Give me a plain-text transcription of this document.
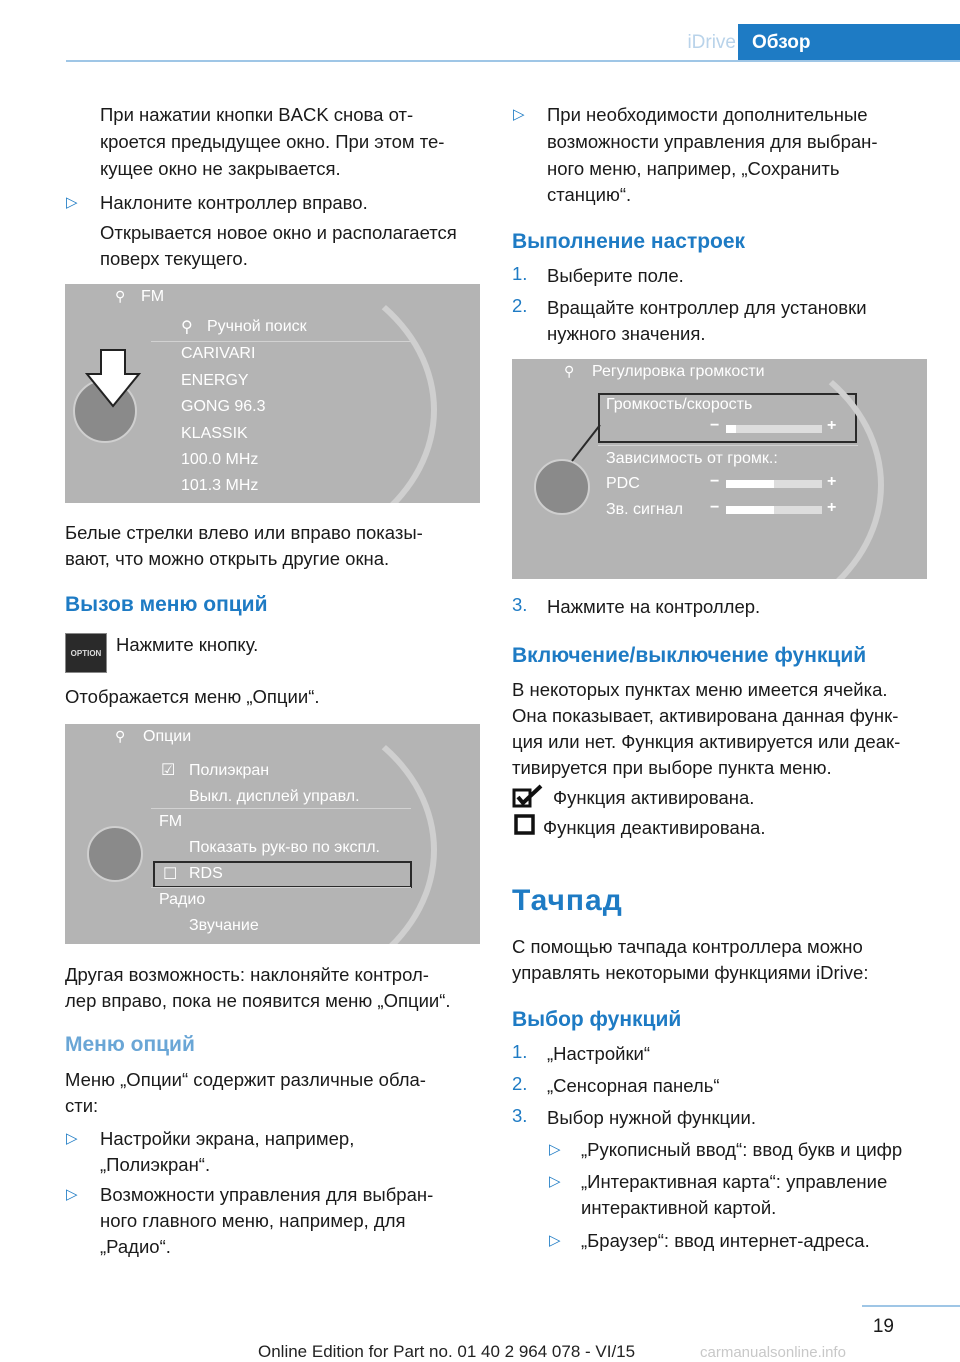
iDrive Обзор

При нажатии кнопки BACK снова от-

кроется предыдущее окно. При этом те-

кущее окно не закрывается.

▷ Наклоните контроллер вправо.

Открывается новое окно и располагается

поверх текущего.

⚲ FM
⚲ Ручной поиск
CARIVARI
ENERGY
GONG 96.3
KLASSIK
100.0 MHz
101.3 MHz

Белые стрелки влево или вправо показы-

вают, что можно открыть другие окна.

Вызов меню опций
OPTION Нажмите кнопку.

Отображается меню „Опции“.

⚲ Опции
☑ Полиэкран
Выкл. дисплей управл.
FM
Показать рук-во по экспл.
☐ RDS
Радио
Звучание

Другая возможность: наклоняйте контрол-

лер вправо, пока не появится меню „Опции“.

Меню опций

Меню „Опции“ содержит различные обла-

сти:

▷ Настройки экрана, например,

„Полиэкран“.

▷ Возможности управления для выбран-

ного главного меню, например, для

„Радио“.

▷ При необходимости дополнительные

возможности управления для выбран-

ного меню, например, „Сохранить

станцию“.

Выполнение настроек
1. Выберите поле.

2. Вращайте контроллер для установки

нужного значения.

⚲ Регулировка громкости
Громкость/скорость
−	+
Зависимость от громк.:
PDC	−	+
Зв. сигнал −	+
3. Нажмите на контроллер.

Включение/выключение функций

В некоторых пунктах меню имеется ячейка.

Она показывает, активирована данная функ-

ция или нет. Функция активируется или деак-

тивируется при выборе пункта меню.

Функция активирована.

Функция деактивирована.

Тачпад

С помощью тачпада контроллера можно

управлять некоторыми функциями iDrive:

Выбор функций
1. „Настройки“

2. „Сенсорная панель“

3. Выбор нужной функции.

▷ „Рукописный ввод“: ввод букв и цифр

▷ „Интерактивная карта“: управление

интерактивной картой.

▷ „Браузер“: ввод интернет-адреса.

19
Online Edition for Part no. 01 40 2 964 078 - VI/15	carmanualsonline.info
